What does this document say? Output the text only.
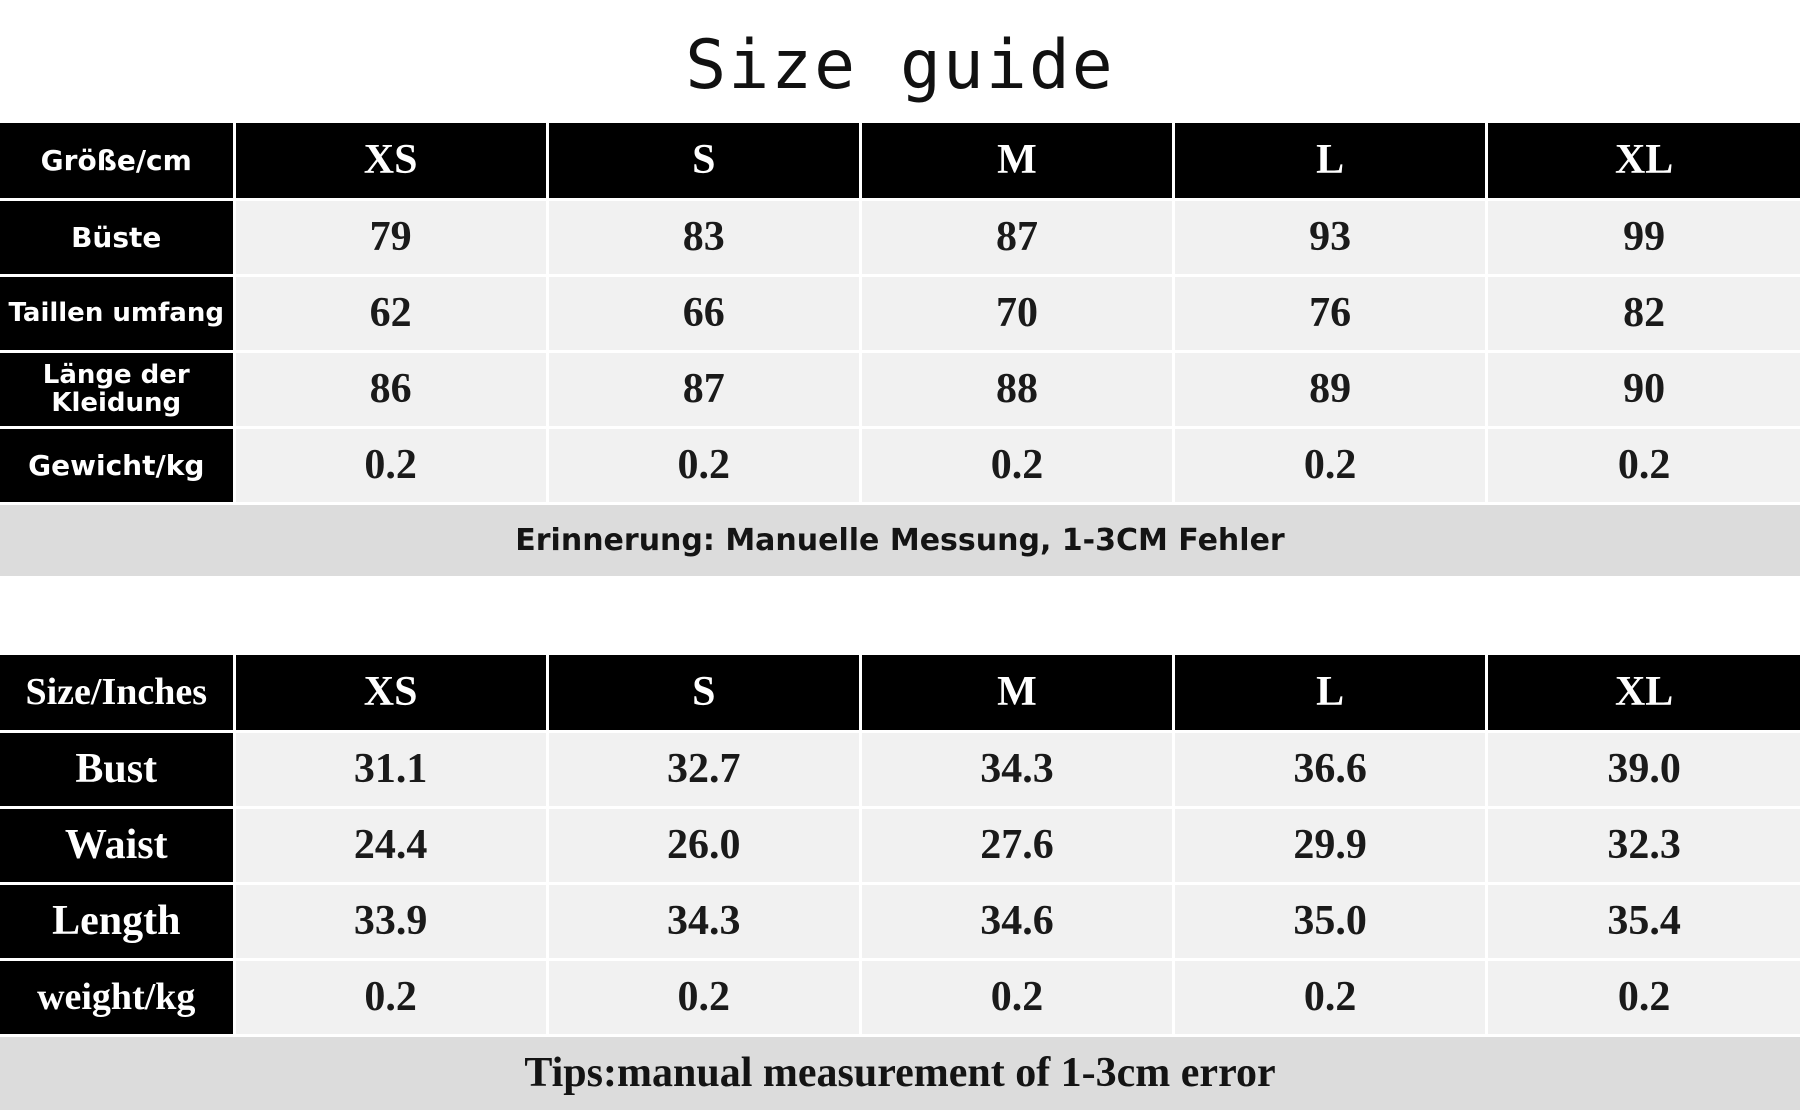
Size guide
Größe/cm	XS	S	M	L	XL
Büste	79	83	87	93	99
Taillen umfang	62	66	70	76	82
Länge der Kleidung	86	87	88	89	90
Gewicht/kg	0.2	0.2	0.2	0.2	0.2
Erinnerung: Manuelle Messung, 1-3CM Fehler					
Size/Inches	XS	S	M	L	XL
Bust	31.1	32.7	34.3	36.6	39.0
Waist	24.4	26.0	27.6	29.9	32.3
Length	33.9	34.3	34.6	35.0	35.4
weight/kg	0.2	0.2	0.2	0.2	0.2
Tips:manual measurement of 1-3cm error					
